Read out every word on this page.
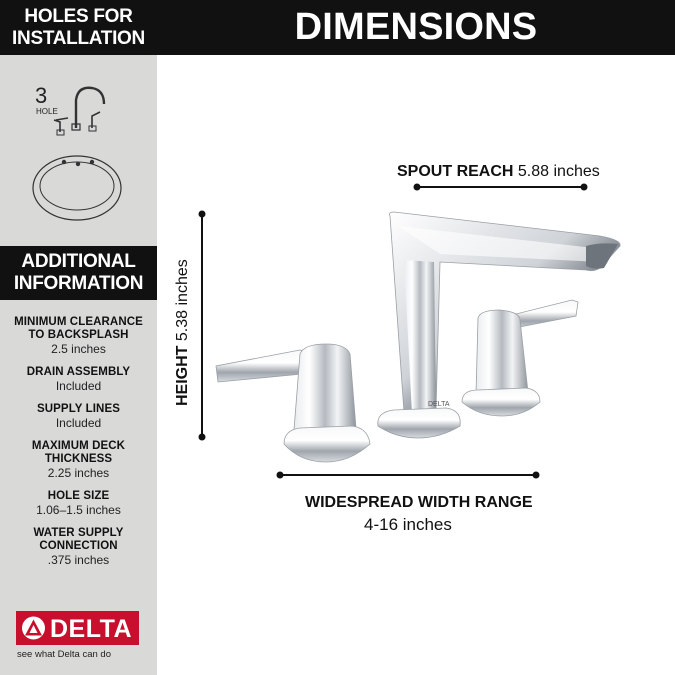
HOLES FOR
INSTALLATION
3
HOLE
ADDITIONAL
INFORMATION
MINIMUM CLEARANCE
TO BACKSPLASH
2.5 inches
DRAIN ASSEMBLY
Included
SUPPLY LINES
Included
MAXIMUM DECK
THICKNESS
2.25 inches
HOLE SIZE
1.06–1.5 inches
WATER SUPPLY
CONNECTION
.375 inches
DELTA
see what Delta can do
DIMENSIONS
DELTA
SPOUT REACH 5.88 inches
HEIGHT 5.38 inches
WIDESPREAD WIDTH RANGE
4-16 inches
